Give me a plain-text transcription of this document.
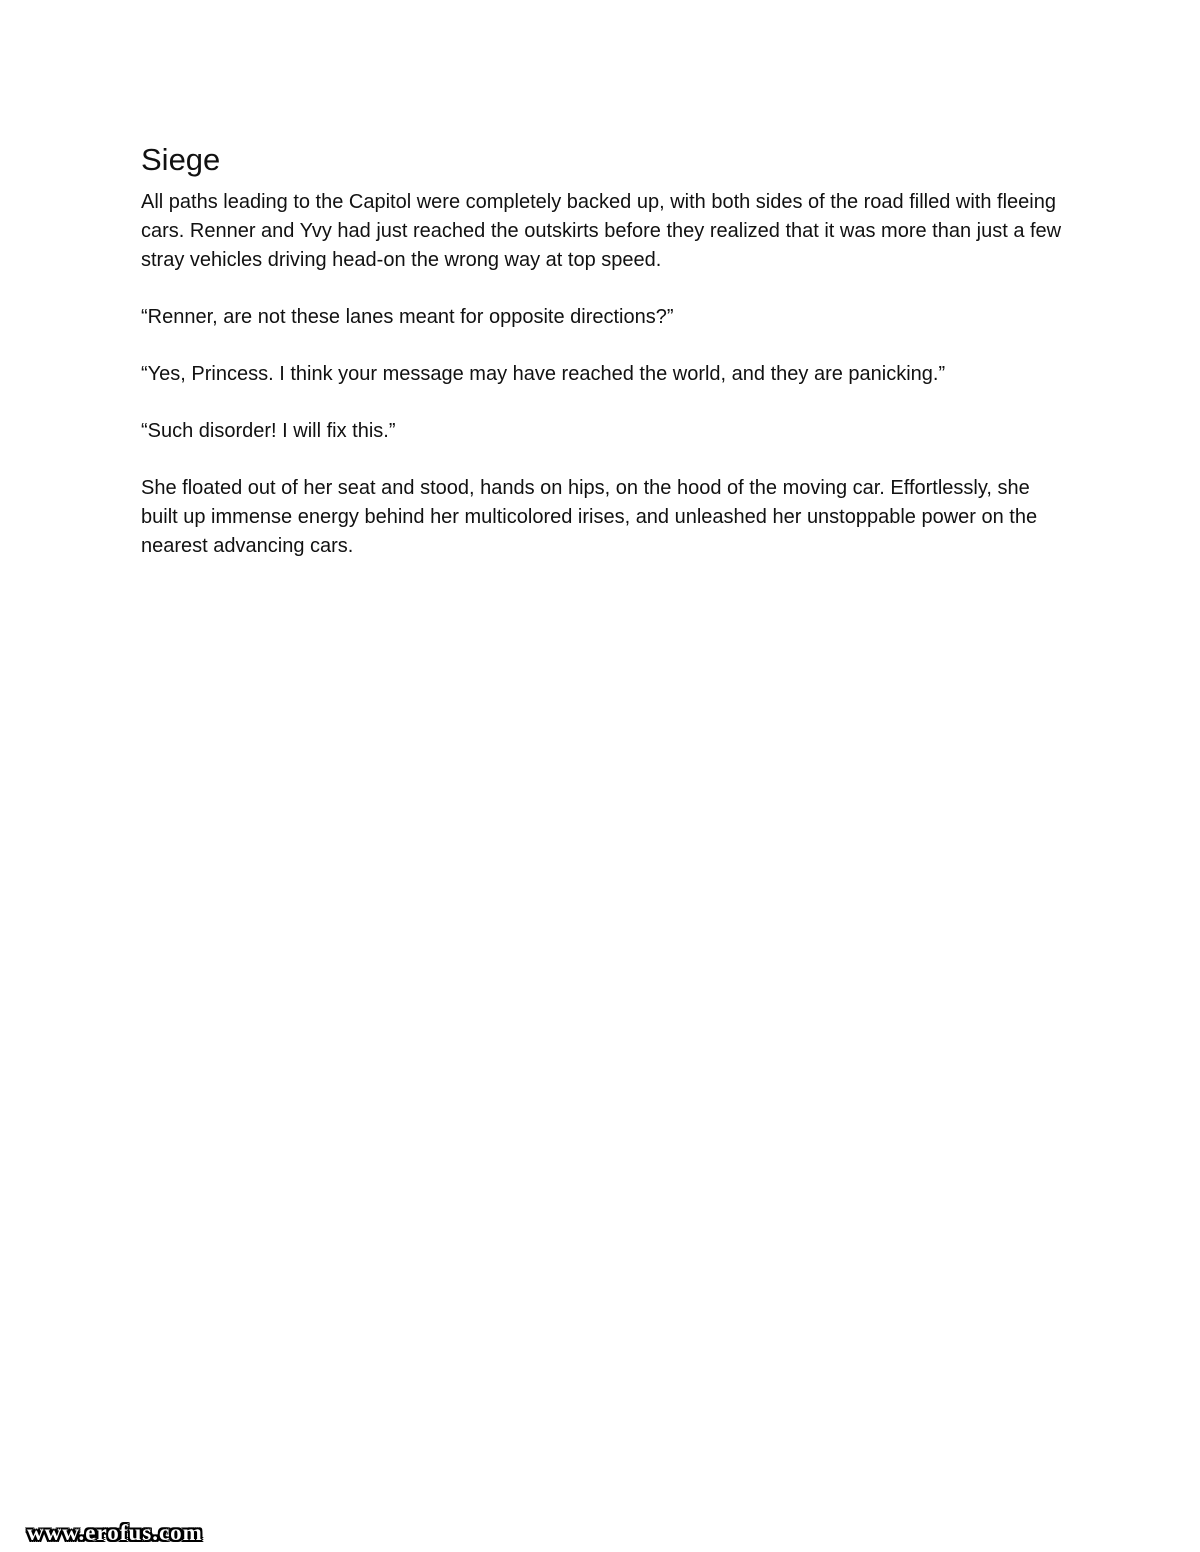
Siege

All paths leading to the Capitol were completely backed up, with both sides of the road filled with fleeing cars. Renner and Yvy had just reached the outskirts before they realized that it was more than just a few stray vehicles driving head-on the wrong way at top speed.

“Renner, are not these lanes meant for opposite directions?”

“Yes, Princess. I think your message may have reached the world, and they are panicking.”

“Such disorder! I will fix this.”

She floated out of her seat and stood, hands on hips, on the hood of the moving car. Effortlessly, she built up immense energy behind her multicolored irises, and unleashed her unstoppable power on the nearest advancing cars.

www.erofus.com
